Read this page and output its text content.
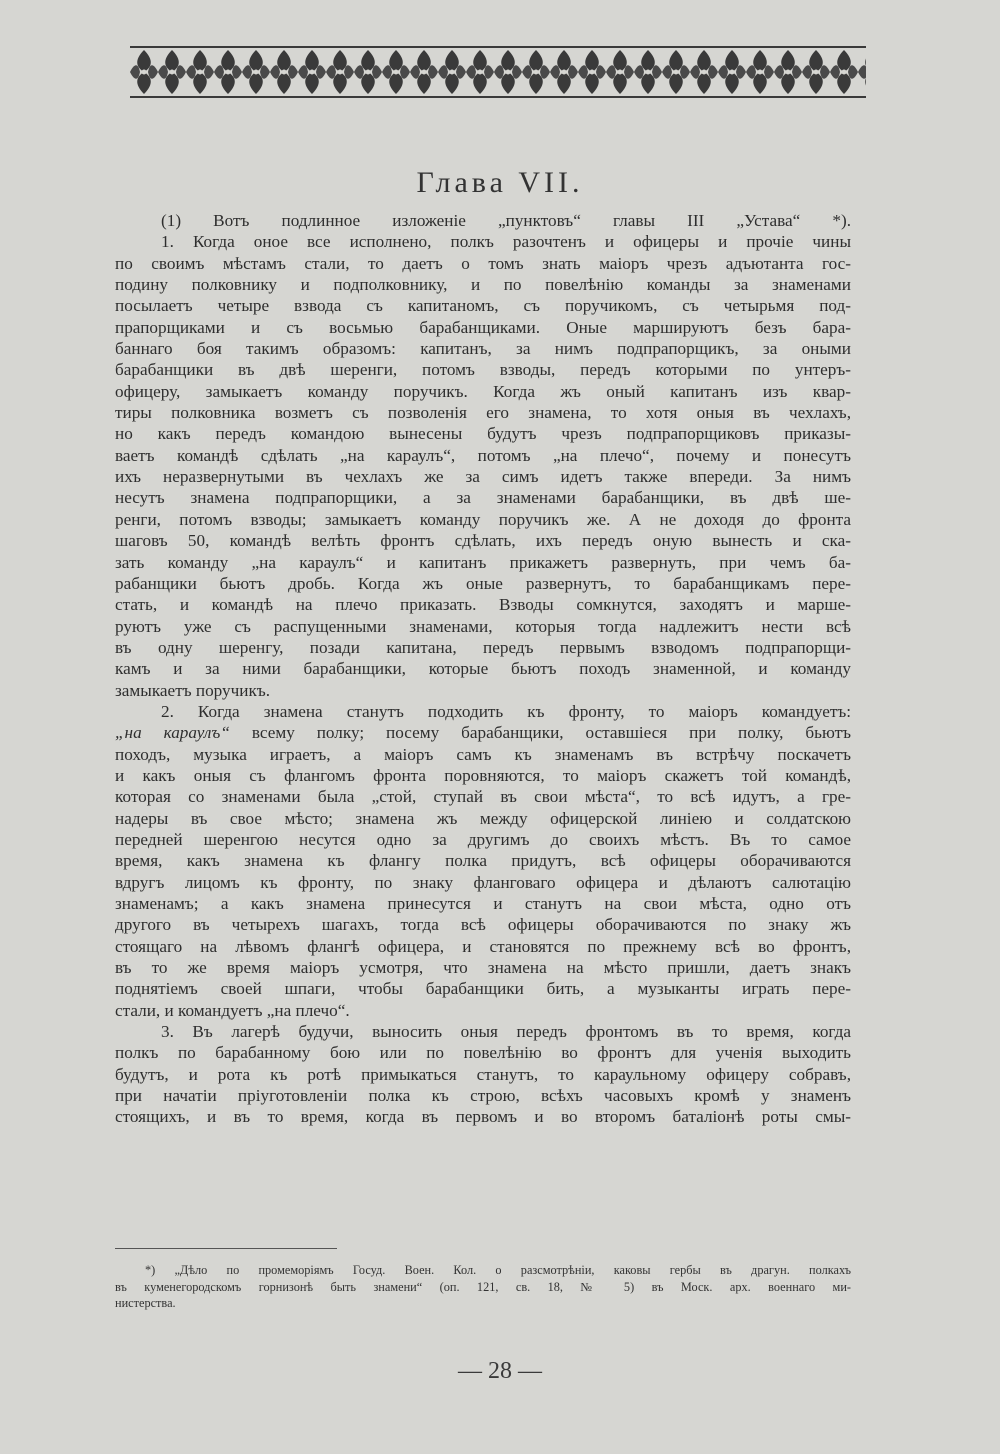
Глава VII.
(1) Вотъ подлинное изложеніе „пунктовъ“ главы III „Устава“ *).
1. Когда оное все исполнено, полкъ разочтенъ и офицеры и прочіе чины
по своимъ мѣстамъ стали, то даетъ о томъ знать маіоръ чрезъ адъютанта гос-
подину полковнику и подполковнику, и по повелѣнію команды за знаменами
посылаетъ четыре взвода съ капитаномъ, съ поручикомъ, съ четырьмя под-
прапорщиками и съ восьмью барабанщиками. Оные маршируютъ безъ бара-
баннаго боя такимъ образомъ: капитанъ, за нимъ подпрапорщикъ, за оными
барабанщики въ двѣ шеренги, потомъ взводы, передъ которыми по унтеръ-
офицеру, замыкаетъ команду поручикъ. Когда жъ оный капитанъ изъ квар-
тиры полковника возметъ съ позволенія его знамена, то хотя оныя въ чехлахъ,
но какъ передъ командою вынесены будутъ чрезъ подпрапорщиковъ приказы-
ваетъ командѣ сдѣлать „на караулъ“, потомъ „на плечо“, почему и понесутъ
ихъ неразвернутыми въ чехлахъ же за симъ идетъ также впереди. За нимъ
несутъ знамена подпрапорщики, а за знаменами барабанщики, въ двѣ ше-
ренги, потомъ взводы; замыкаетъ команду поручикъ же. А не доходя до фронта
шаговъ 50, командѣ велѣть фронтъ сдѣлать, ихъ передъ оную вынесть и ска-
зать команду „на караулъ“ и капитанъ прикажетъ развернуть, при чемъ ба-
рабанщики бьютъ дробь. Когда жъ оные развернутъ, то барабанщикамъ пере-
стать, и командѣ на плечо приказать. Взводы сомкнутся, заходятъ и марше-
руютъ уже съ распущенными знаменами, которыя тогда надлежитъ нести всѣ
въ одну шеренгу, позади капитана, передъ первымъ взводомъ подпрапорщи-
камъ и за ними барабанщики, которые бьютъ походъ знаменной, и команду
замыкаетъ поручикъ.
2. Когда знамена станутъ подходить къ фронту, то маіоръ командуетъ:
„на караулъ“ всему полку; посему барабанщики, оставшіеся при полку, бьютъ
походъ, музыка играетъ, а маіоръ самъ къ знаменамъ въ встрѣчу поскачетъ
и какъ оныя съ флангомъ фронта поровняются, то маіоръ скажетъ той командѣ,
которая со знаменами была „стой, ступай въ свои мѣста“, то всѣ идутъ, а гре-
надеры въ свое мѣсто; знамена жъ между офицерской линіею и солдатскою
передней шеренгою несутся одно за другимъ до своихъ мѣстъ. Въ то самое
время, какъ знамена къ флангу полка придутъ, всѣ офицеры оборачиваются
вдругъ лицомъ къ фронту, по знаку фланговаго офицера и дѣлаютъ салютацію
знаменамъ; а какъ знамена принесутся и станутъ на свои мѣста, одно отъ
другого въ четырехъ шагахъ, тогда всѣ офицеры оборачиваются по знаку жъ
стоящаго на лѣвомъ флангѣ офицера, и становятся по прежнему всѣ во фронтъ,
въ то же время маіоръ усмотря, что знамена на мѣсто пришли, даетъ знакъ
поднятіемъ своей шпаги, чтобы барабанщики бить, а музыканты играть пере-
стали, и командуетъ „на плечо“.
3. Въ лагерѣ будучи, выносить оныя передъ фронтомъ въ то время, когда
полкъ по барабанному бою или по повелѣнію во фронтъ для ученія выходить
будутъ, и рота къ ротѣ примыкаться станутъ, то караульному офицеру собравъ,
при начатіи пріуготовленіи полка къ строю, всѣхъ часовыхъ кромѣ у знаменъ
стоящихъ, и въ то время, когда въ первомъ и во второмъ баталіонѣ роты смы-
*) „Дѣло по промеморіямъ Госуд. Воен. Кол. о разсмотрѣніи, каковы гербы въ драгун. полкахъ
въ куменегородскомъ горнизонѣ быть знамени“ (оп. 121, св. 18, № 5) въ Моск. арх. военнаго ми-
нистерства.
— 28 —
